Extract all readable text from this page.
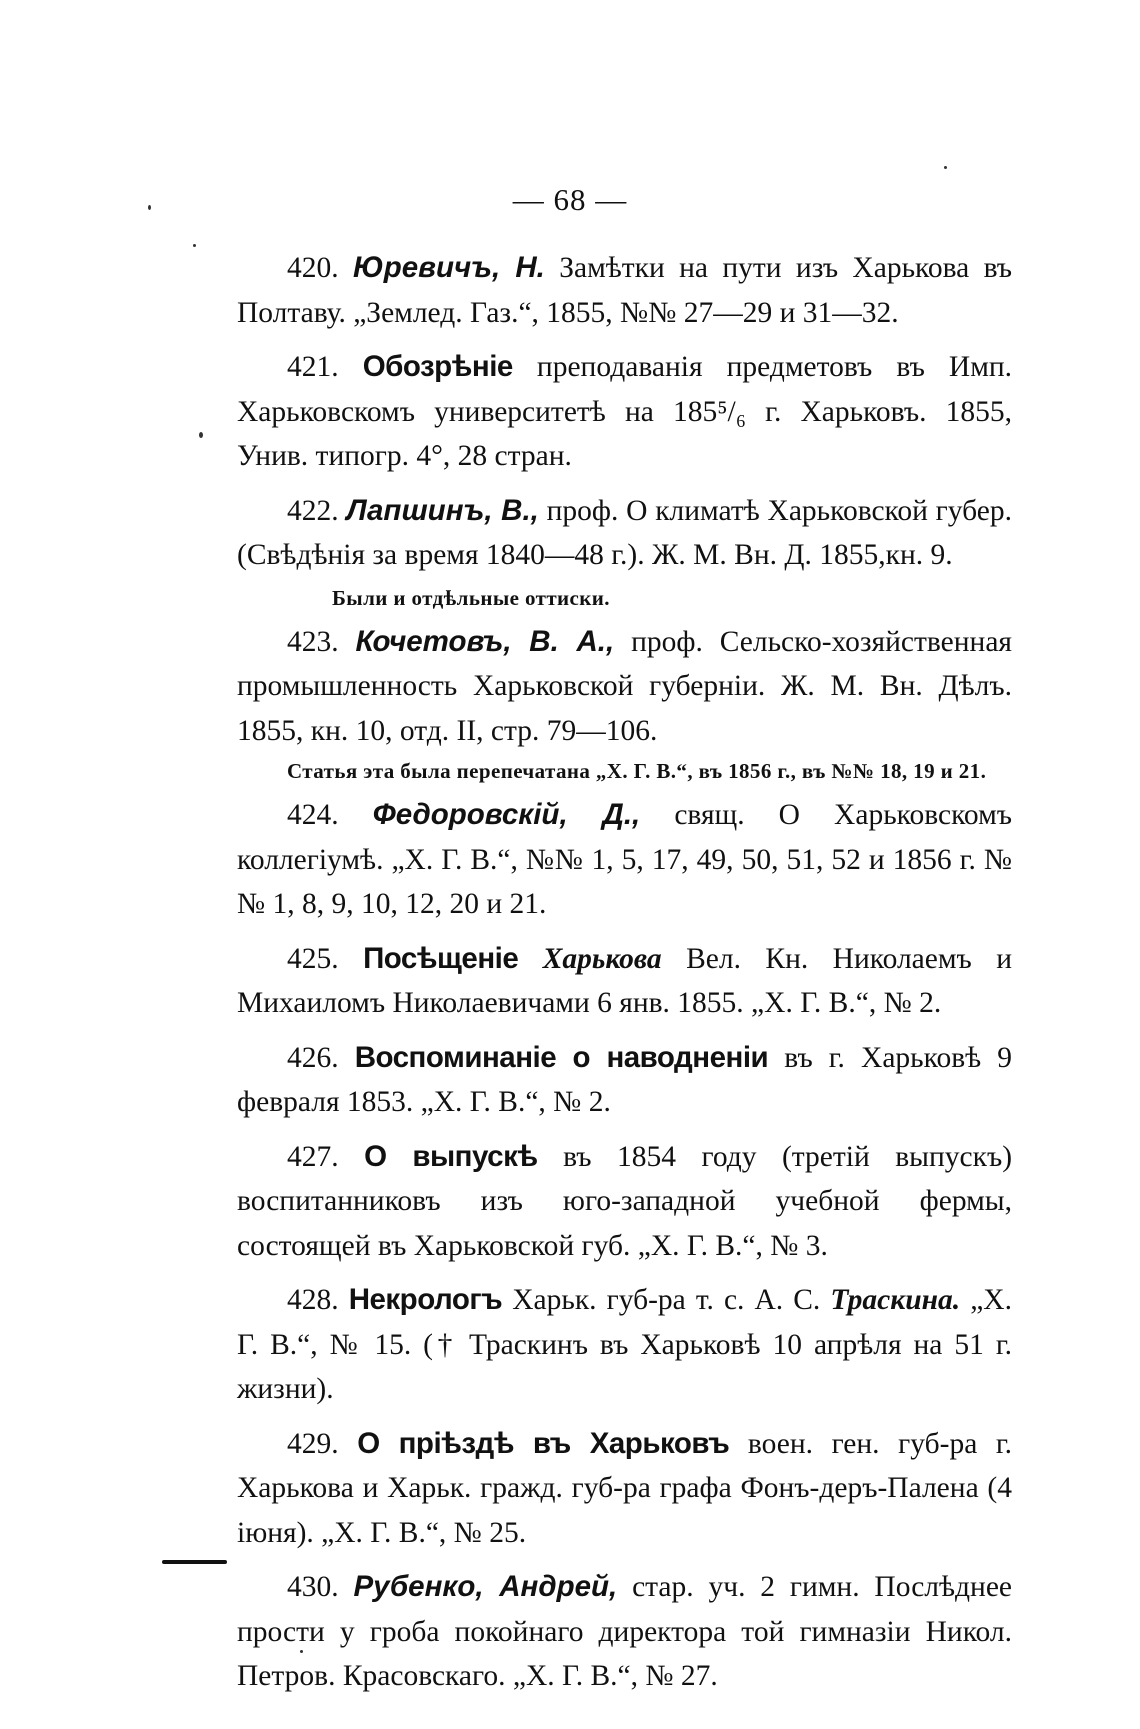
— 68 —

420. Юревичъ, Н. Замѣтки на пути изъ Харькова въ Полтаву. „Землед. Газ.“, 1855, №№ 27—29 и 31—32.

421. Обозрѣніе преподаванія предметовъ въ Имп. Харьковскомъ университетѣ на 185⁵/₆ г. Харьковъ. 1855, Унив. типогр. 4°, 28 стран.

422. Лапшинъ, В., проф. О климатѣ Харьковской губер. (Свѣдѣнія за время 1840—48 г.). Ж. М. Вн. Д. 1855,кн. 9.

Были и отдѣльные оттиски.

423. Кочетовъ, В. А., проф. Сельско-хозяйственная промышленность Харьковской губерніи. Ж. М. Вн. Дѣлъ. 1855, кн. 10, отд. II, стр. 79—106.

Статья эта была перепечатана „Х. Г. В.“, въ 1856 г., въ №№ 18, 19 и 21.

424. Федоровскій, Д., свящ. О Харьковскомъ коллегіумѣ. „Х. Г. В.“, №№ 1, 5, 17, 49, 50, 51, 52 и 1856 г. №№ 1, 8, 9, 10, 12, 20 и 21.

425. Посѣщеніе Харькова Вел. Кн. Николаемъ и Михаиломъ Николаевичами 6 янв. 1855. „Х. Г. В.“, № 2.

426. Воспоминаніе о наводненіи въ г. Харьковѣ 9 февраля 1853. „Х. Г. В.“, № 2.

427. О выпускѣ въ 1854 году (третій выпускъ) воспитанниковъ изъ юго-западной учебной фермы, состоящей въ Харьковской губ. „Х. Г. В.“, № 3.

428. Некрологъ Харьк. губ-ра т. с. А. С. Траскина. „Х. Г. В.“, № 15. († Траскинъ въ Харьковѣ 10 апрѣля на 51 г. жизни).

429. О пріѣздѣ въ Харьковъ воен. ген. губ-ра г. Харькова и Харьк. гражд. губ-ра графа Фонъ-деръ-Палена (4 іюня). „Х. Г. В.“, № 25.

430. Рубенко, Андрей, стар. уч. 2 гимн. Послѣднее прости у гроба покойнаго директора той гимназіи Никол. Петров. Красовскаго. „Х. Г. В.“, № 27.
